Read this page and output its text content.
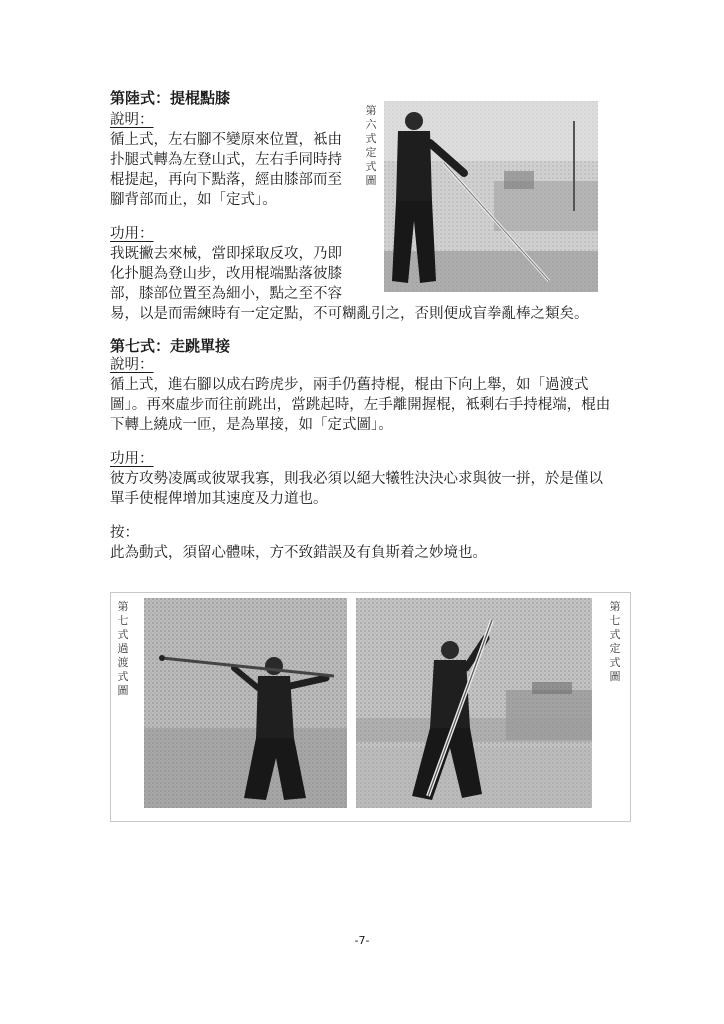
第陸式：提棍點膝
說明：
循上式，左右腳不變原來位置，袛由
扑腿式轉為左登山式，左右手同時持
棍提起，再向下點落，經由膝部而至
腳背部而止，如「定式」。
功用：
我既撇去來械，當即採取反攻，乃即
化扑腿為登山步，改用棍端點落彼膝
部，膝部位置至為細小，點之至不容
易，以是而需練時有一定定點，不可糊亂引之，否則便成盲拳亂棒之類矣。
第六式定式圖
第七式：走跳單接
說明：
循上式，進右腳以成右跨虎步，兩手仍舊持棍，棍由下向上舉，如「過渡式
圖」。再來虛步而往前跳出，當跳起時，左手離開握棍，袛剩右手持棍端，棍由
下轉上繞成一匝，是為單接，如「定式圖」。
功用：
彼方攻勢凌厲或彼眾我寡，則我必須以絕大犧牲決決心求與彼一拼，於是僅以
單手使棍俾增加其速度及力道也。
按：
此為動式，須留心體味，方不致錯誤及有負斯着之妙境也。
第七式過渡式圖
第七式定式圖
-7-
